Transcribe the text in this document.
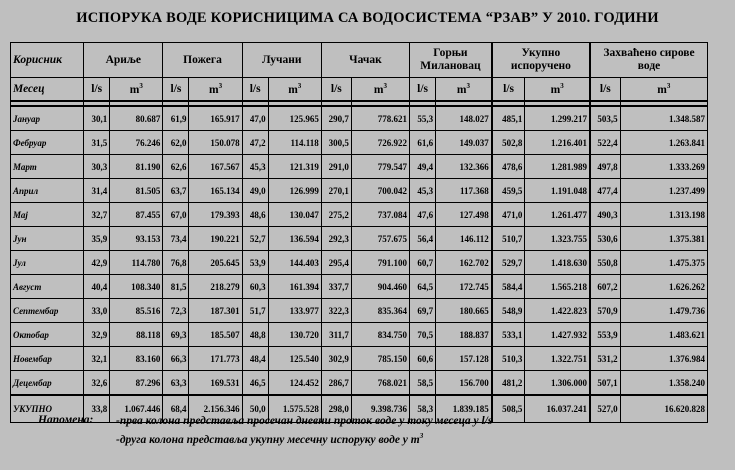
ИСПОРУКА ВОДЕ КОРИСНИЦИМА СА ВОДОСИСТЕМА “РЗАВ” У 2010. ГОДИНИ
Корисник	Ариље		Пожега		Лучани		Чачак		Горњи Милановац		Укупно испоручено		Захваћено сирове воде	
Месец	l/s	$m^3$	l/s	$m^3$	l/s	$m^3$	l/s	$m^3$	l/s	$m^3$	l/s	$m^3$	l/s	$m^3$

Јануар	30,1	80.687	61,9	165.917	47,0	125.965	290,7	778.621	55,3	148.027	485,1	1.299.217	503,5	1.348.587
Фебруар	31,5	76.246	62,0	150.078	47,2	114.118	300,5	726.922	61,6	149.037	502,8	1.216.401	522,4	1.263.841
Март	30,3	81.190	62,6	167.567	45,3	121.319	291,0	779.547	49,4	132.366	478,6	1.281.989	497,8	1.333.269
Април	31,4	81.505	63,7	165.134	49,0	126.999	270,1	700.042	45,3	117.368	459,5	1.191.048	477,4	1.237.499
Мај	32,7	87.455	67,0	179.393	48,6	130.047	275,2	737.084	47,6	127.498	471,0	1.261.477	490,3	1.313.198
Јун	35,9	93.153	73,4	190.221	52,7	136.594	292,3	757.675	56,4	146.112	510,7	1.323.755	530,6	1.375.381
Јул	42,9	114.780	76,8	205.645	53,9	144.403	295,4	791.100	60,7	162.702	529,7	1.418.630	550,8	1.475.375
Август	40,4	108.340	81,5	218.279	60,3	161.394	337,7	904.460	64,5	172.745	584,4	1.565.218	607,2	1.626.262
Септембар	33,0	85.516	72,3	187.301	51,7	133.977	322,3	835.364	69,7	180.665	548,9	1.422.823	570,9	1.479.736
Октобар	32,9	88.118	69,3	185.507	48,8	130.720	311,7	834.750	70,5	188.837	533,1	1.427.932	553,9	1.483.621
Новембар	32,1	83.160	66,3	171.773	48,4	125.540	302,9	785.150	60,6	157.128	510,3	1.322.751	531,2	1.376.984
Децембар	32,6	87.296	63,3	169.531	46,5	124.452	286,7	768.021	58,5	156.700	481,2	1.306.000	507,1	1.358.240
УКУПНО	33,8	1.067.446	68,4	2.156.346	50,0	1.575.528	298,0	9.398.736	58,3	1.839.185	508,5	16.037.241	527,0	16.620.828
Напомена: -прва колона представља просечан дневни проток воде у току месеца у l/s
-друга колона представља укупну месечну испоруку воде у $m^3$
